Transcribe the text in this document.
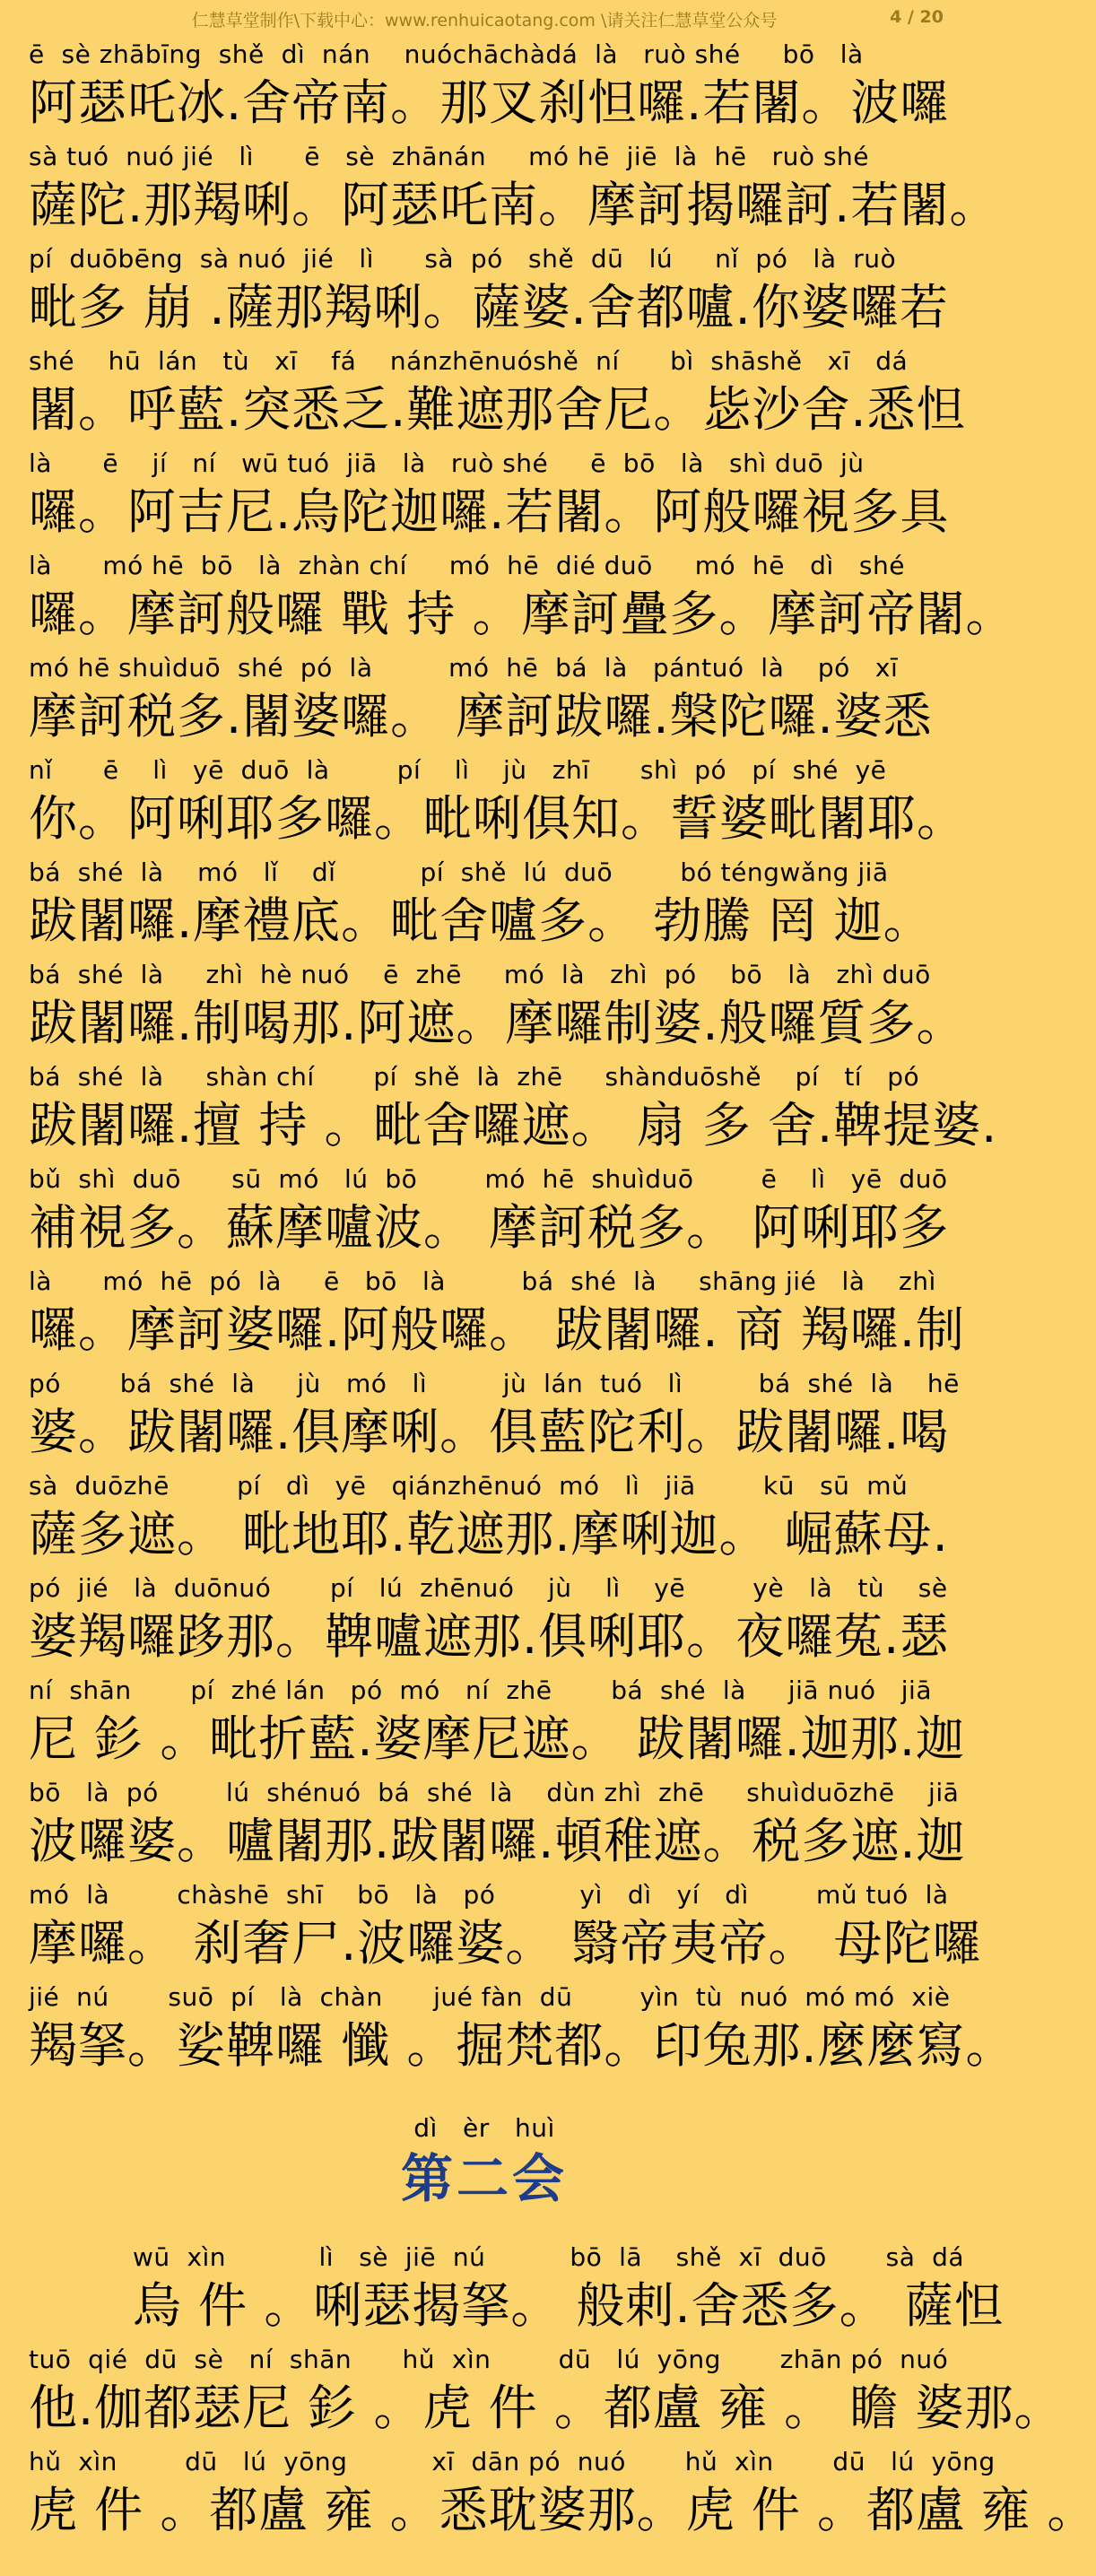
仁慧草堂制作\下载中心：www.renhuicaotang.com \请关注仁慧草堂公众号	4 / 20
ē  sè zhābīng  shě  dì  nán    nuóchāchàdá  là   ruò shé     bō   là
阿瑟吒冰.舍帝南。那叉刹怛囉.若闍。波囉
sà tuó  nuó jié   lì      ē   sè  zhānán     mó hē  jiē  là  hē   ruò shé
薩陀.那羯唎。阿瑟吒南。摩訶揭囉訶.若闍。
pí  duōbēng  sà nuó  jié   lì      sà  pó   shě  dū   lú     nǐ  pó   là  ruò
毗多 崩 .薩那羯唎。薩婆.舍都嚧.你婆囉若
shé    hū  lán   tù   xī    fá    nánzhēnuóshě  ní      bì  shāshě   xī   dá
闍。呼藍.突悉乏.難遮那舍尼。毖沙舍.悉怛
là      ē    jí   ní   wū tuó  jiā   là   ruò shé     ē  bō   là   shì duō  jù
囉。阿吉尼.烏陀迦囉.若闍。阿般囉視多具
là      mó hē  bō   là  zhàn chí     mó  hē  dié duō     mó  hē   dì   shé
囉。摩訶般囉 戰 持 。摩訶疊多。摩訶帝闍。
mó hē shuìduō  shé  pó  là         mó  hē  bá  là   pántuó  là    pó   xī
摩訶税多.闍婆囉。 摩訶跋囉.槃陀囉.婆悉
nǐ      ē    lì   yē  duō  là        pí    lì    jù   zhī      shì  pó   pí  shé  yē
你。阿唎耶多囉。毗唎俱知。誓婆毗闍耶。
bá  shé  là    mó   lǐ    dǐ          pí  shě  lú  duō        bó téngwǎng jiā
跋闍囉.摩禮底。毗舍嚧多。 勃騰 罔 迦。
bá  shé  là     zhì  hè nuó    ē  zhē     mó  là   zhì  pó    bō   là   zhì duō
跋闍囉.制喝那.阿遮。摩囉制婆.般囉質多。
bá  shé  là     shàn chí       pí  shě  là  zhē     shànduōshě    pí   tí   pó
跋闍囉.擅 持 。毗舍囉遮。 扇 多 舍.鞞提婆.
bǔ  shì  duō      sū  mó   lú  bō        mó  hē  shuìduō        ē    lì   yē  duō
補視多。蘇摩嚧波。 摩訶税多。 阿唎耶多
là      mó  hē  pó  là     ē   bō   là         bá  shé  là     shāng jié   là    zhì
囉。摩訶婆囉.阿般囉。 跋闍囉. 商 羯囉.制
pó       bá  shé  là     jù   mó   lì         jù  lán  tuó   lì         bá  shé  là    hē
婆。跋闍囉.俱摩唎。俱藍陀利。跋闍囉.喝
sà  duōzhē        pí   dì   yē   qiánzhēnuó  mó   lì   jiā        kū   sū  mǔ
薩多遮。 毗地耶.乾遮那.摩唎迦。 崛蘇母.
pó  jié   là  duōnuó       pí   lú  zhēnuó    jù    lì    yē        yè   là   tù    sè
婆羯囉跢那。鞞嚧遮那.俱唎耶。夜囉菟.瑟
ní  shān       pí  zhé lán   pó  mó   ní  zhē       bá  shé  là     jiā nuó   jiā
尼 釤 。毗折藍.婆摩尼遮。 跋闍囉.迦那.迦
bō   là  pó        lú  shénuó  bá  shé  là    dùn zhì  zhē     shuìduōzhē    jiā
波囉婆。嚧闍那.跋闍囉.頓稚遮。税多遮.迦
mó  là        chàshē  shī    bō   là   pó          yì   dì   yí   dì        mǔ tuó  là
摩囉。 刹奢尸.波囉婆。 翳帝夷帝。 母陀囉
jié  nú       suō  pí   là  chàn      jué fàn  dū        yìn  tù  nuó  mó mó  xiè
羯拏。娑鞞囉 懺 。掘梵都。印兔那.麼麼寫。
dì   èr   huì
第二会
wū  xìn           lì   sè  jiē  nú          bō  lā    shě  xī  duō       sà  dá
烏 件 。唎瑟揭拏。 般剌.舍悉多。 薩怛
tuō  qié  dū  sè   ní  shān      hǔ  xìn        dū   lú  yōng       zhān pó  nuó
他.伽都瑟尼 釤 。虎 件 。都盧 雍 。 瞻 婆那。
hǔ  xìn        dū   lú  yōng          xī  dān pó  nuó       hǔ  xìn       dū   lú  yōng
虎 件 。都盧 雍 。悉耽婆那。虎 件 。都盧 雍 。
